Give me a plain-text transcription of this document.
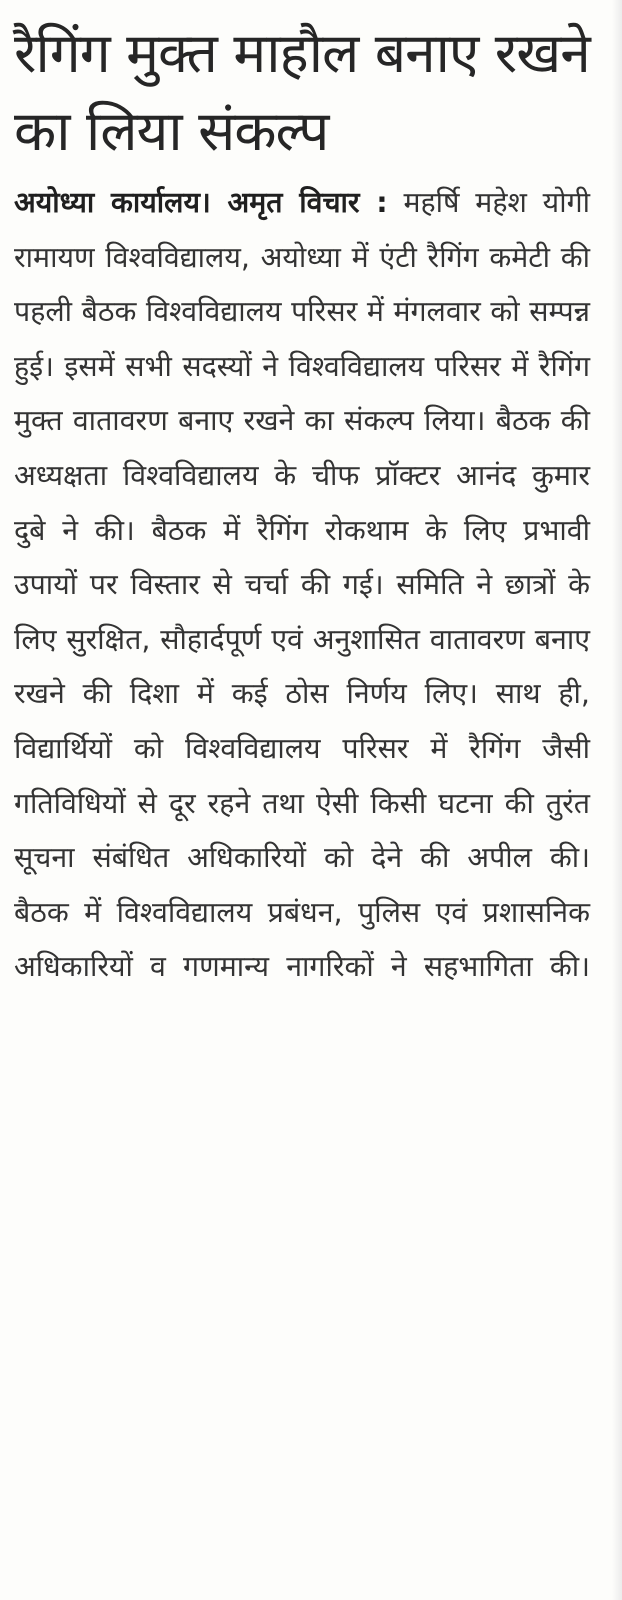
रैगिंग मुक्त माहौल बनाए रखने का लिया संकल्प

अयोध्या कार्यालय। अमृत विचार : महर्षि महेश योगी रामायण विश्वविद्यालय, अयोध्या में एंटी रैगिंग कमेटी की पहली बैठक विश्वविद्यालय परिसर में मंगलवार को सम्पन्न हुई। इसमें सभी सदस्यों ने विश्वविद्यालय परिसर में रैगिंग मुक्त वातावरण बनाए रखने का संकल्प लिया। बैठक की अध्यक्षता विश्वविद्यालय के चीफ प्रॉक्टर आनंद कुमार दुबे ने की। बैठक में रैगिंग रोकथाम के लिए प्रभावी उपायों पर विस्तार से चर्चा की गई। समिति ने छात्रों के लिए सुरक्षित, सौहार्दपूर्ण एवं अनुशासित वातावरण बनाए रखने की दिशा में कई ठोस निर्णय लिए। साथ ही, विद्यार्थियों को विश्वविद्यालय परिसर में रैगिंग जैसी गतिविधियों से दूर रहने तथा ऐसी किसी घटना की तुरंत सूचना संबंधित अधिकारियों को देने की अपील की। बैठक में विश्वविद्यालय प्रबंधन, पुलिस एवं प्रशासनिक अधिकारियों व गणमान्य नागरिकों ने सहभागिता की।
